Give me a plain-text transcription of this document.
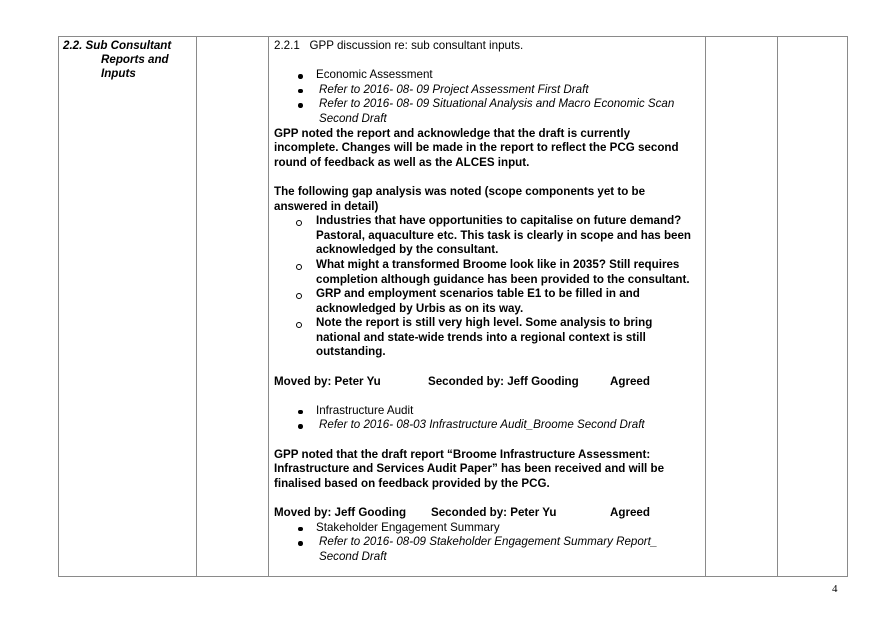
2.2. Sub Consultant
Reports and
Inputs

2.2.1 GPP discussion re: sub consultant inputs.

Economic Assessment

Refer to 2016- 08- 09 Project Assessment First Draft

Refer to 2016- 08- 09 Situational Analysis and Macro Economic Scan
Second Draft

GPP noted the report and acknowledge that the draft is currently
incomplete. Changes will be made in the report to reflect the PCG second
round of feedback as well as the ALCES input.

The following gap analysis was noted (scope components yet to be
answered in detail)

Industries that have opportunities to capitalise on future demand?
Pastoral, aquaculture etc. This task is clearly in scope and has been
acknowledged by the consultant.

What might a transformed Broome look like in 2035? Still requires
completion although guidance has been provided to the consultant.

GRP and employment scenarios table E1 to be filled in and
acknowledged by Urbis as on its way.

Note the report is still very high level. Some analysis to bring
national and state-wide trends into a regional context is still
outstanding.

Moved by: Peter Yu	Seconded by: Jeff Gooding	Agreed

Infrastructure Audit

Refer to 2016- 08-03 Infrastructure Audit_Broome Second Draft

GPP noted that the draft report “Broome Infrastructure Assessment:
Infrastructure and Services Audit Paper” has been received and will be
finalised based on feedback provided by the PCG.

Moved by: Jeff Gooding	Seconded by: Peter Yu	Agreed

Stakeholder Engagement Summary

Refer to 2016- 08-09 Stakeholder Engagement Summary Report_
Second Draft

4
